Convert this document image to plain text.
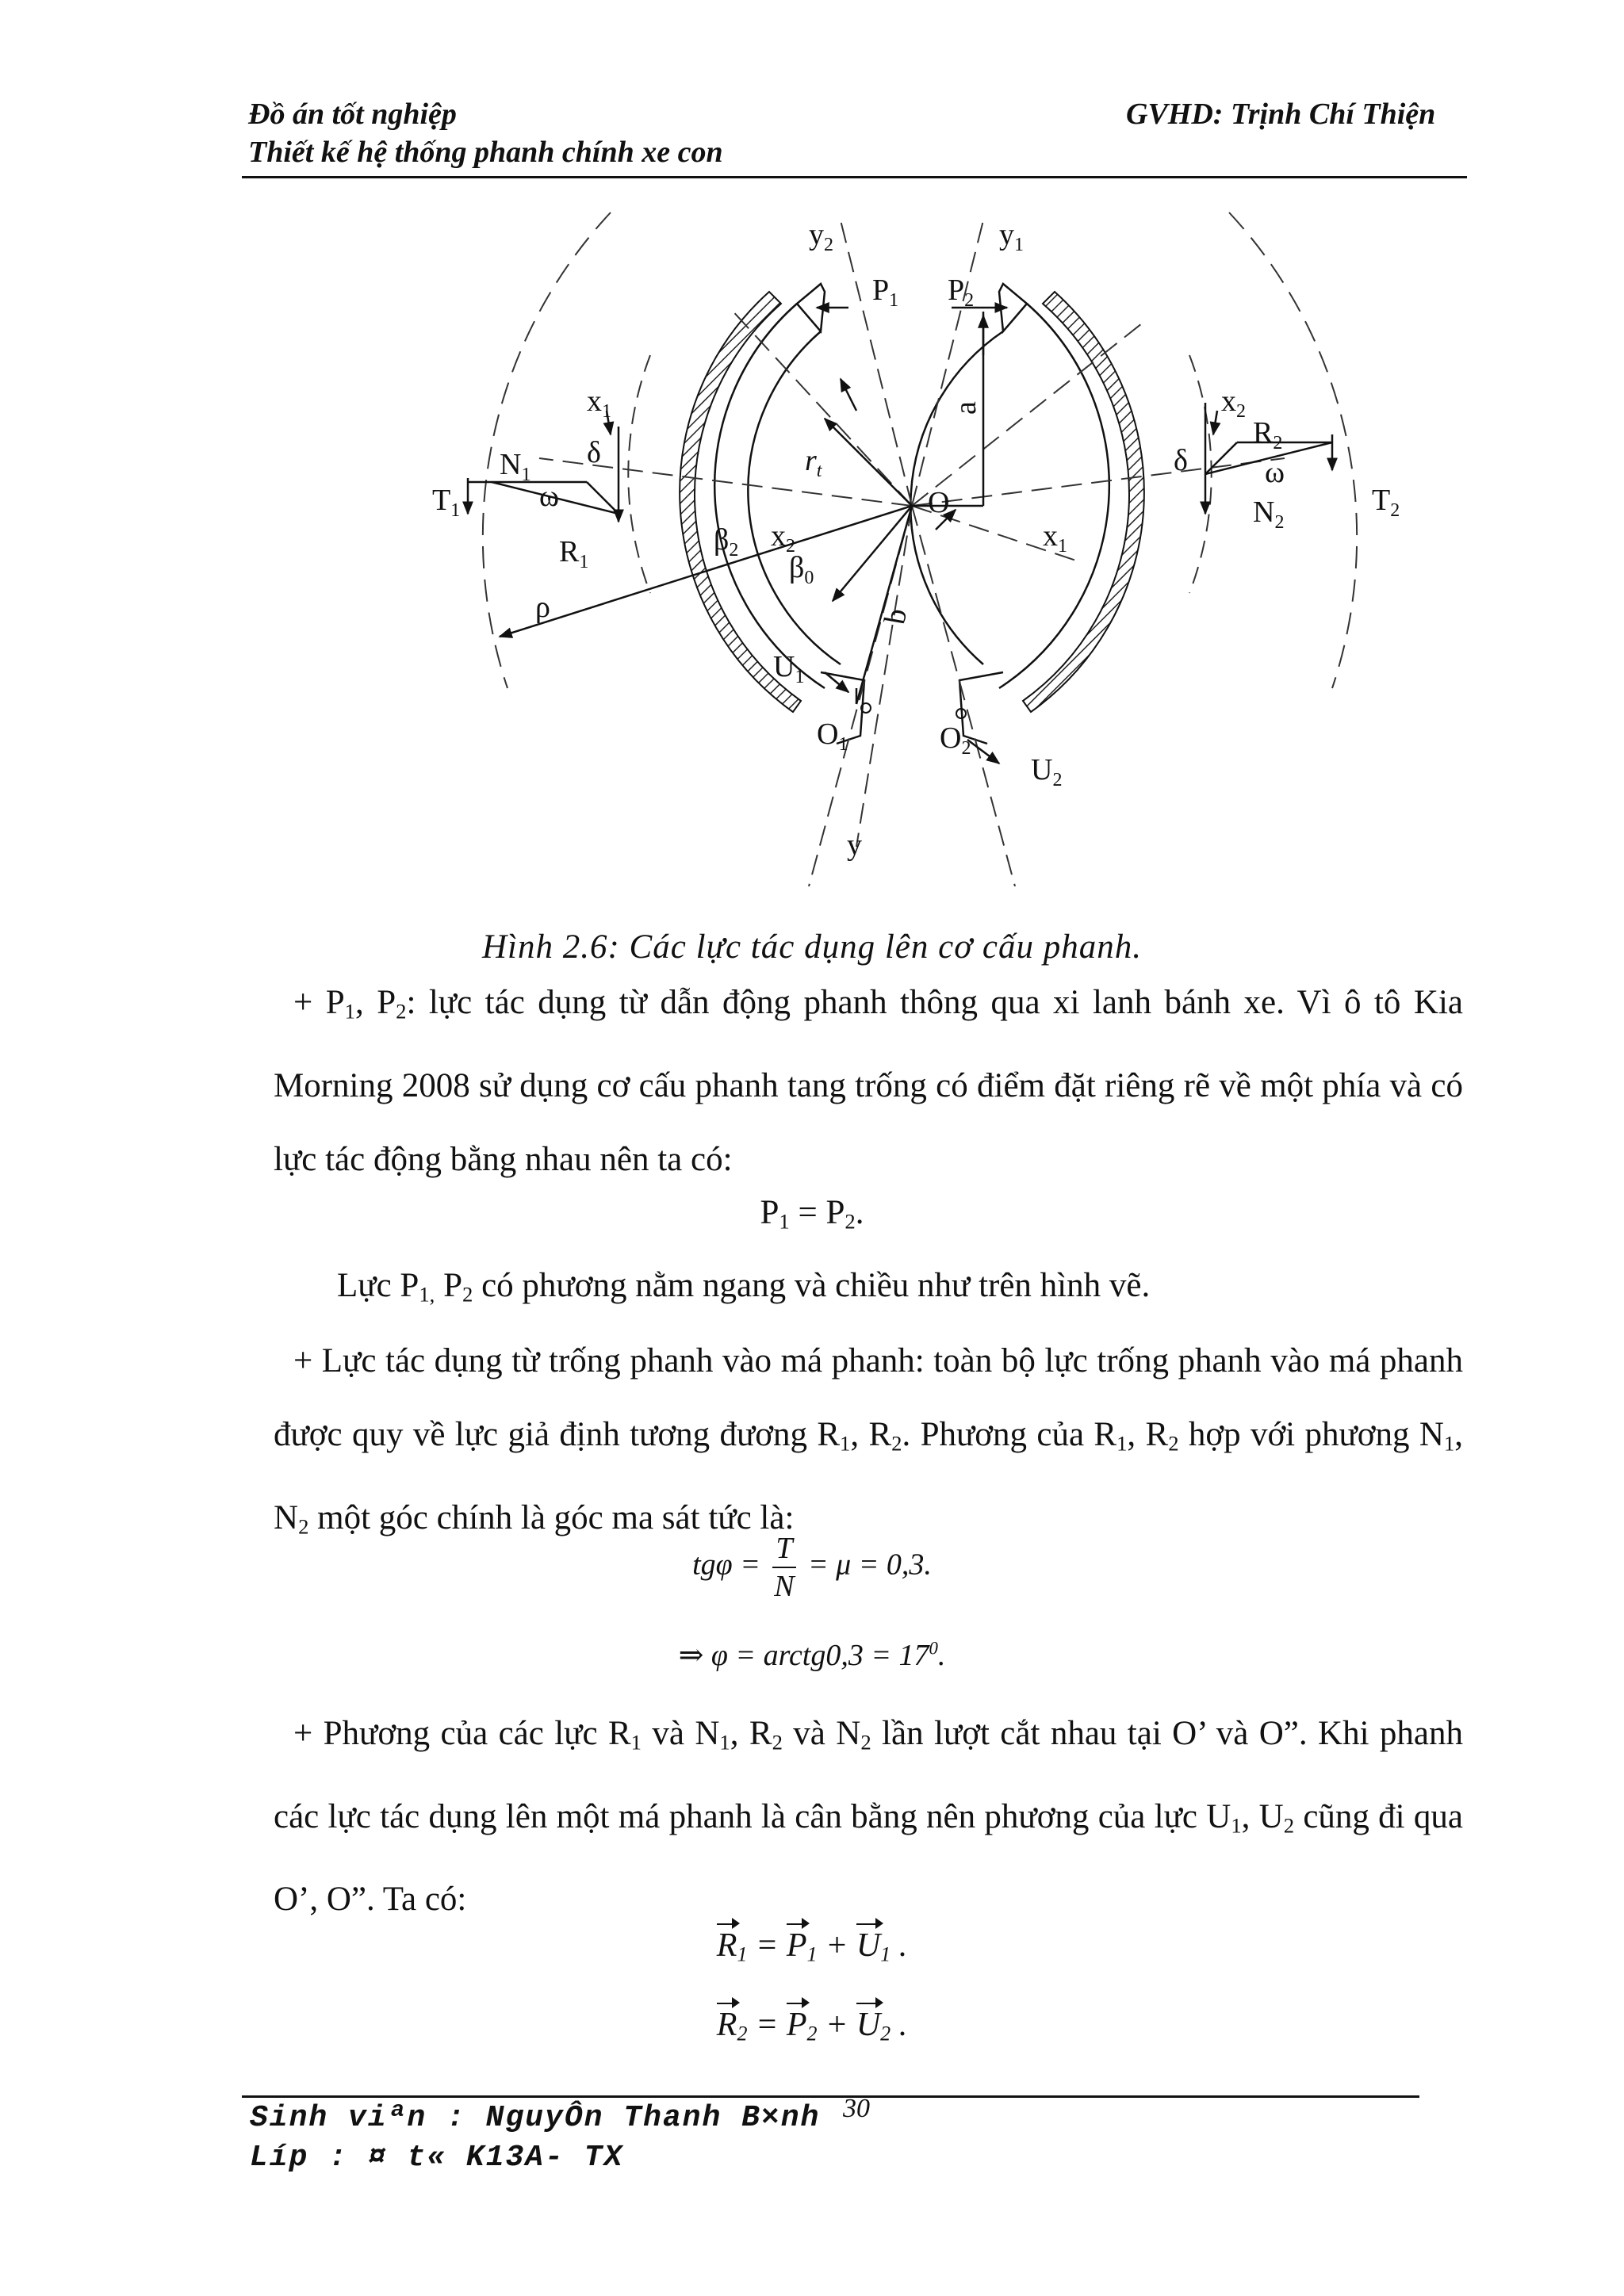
Đồ án tốt nghiệp
Thiết kế hệ thống phanh chính xe con
GVHD: Trịnh Chí Thiện
$y_2$	$y_1$
$P_1$ $P_2$
a
$x_1$	$x_2$
δ	δ
$N_1$
$N_2$
$R_1$
$R_2$
$T_1$	$T_2$
ω
ω
$r_t$
O
$\beta_2$ $x_2$	$x_1$
$\beta_0$
ρ	b
$U_1$
$U_2$
$O_1$	$O_2$
y
Hình 2.6: Các lực tác dụng lên cơ cấu phanh.
+ $P_1$, $P_2$: lực tác dụng từ dẫn động phanh thông qua xi lanh bánh xe. Vì ô tô Kia Morning 2008 sử dụng cơ cấu phanh tang trống có điểm đặt riêng rẽ về một phía và có lực tác động bằng nhau nên ta có:
$P_1 = P_2$.
Lực $P_{1,}$ $P_2$ có phương nằm ngang và chiều như trên hình vẽ.
+ Lực tác dụng từ trống phanh vào má phanh: toàn bộ lực trống phanh vào má phanh được quy về lực giả định tương đương $R_1$, $R_2$. Phương của $R_1$, $R_2$ hợp với phương $N_1$, $N_2$ một góc chính là góc ma sát tức là:
$tg\varphi = \frac{T}{N} = \mu = 0,3$.
⇒ φ = arctg0,3 = $17^0$.
+ Phương của các lực $R_1$ và $N_1$, $R_2$ và $N_2$ lần lượt cắt nhau tại O’ và O”. Khi phanh các lực tác dụng lên một má phanh là cân bằng nên phương của lực $U_1$, $U_2$ cũng đi qua O’, O”. Ta có:
$R_1 = P_1 + U_1$ .
$R_2 = P_2 + U_2$ .
Sinh viªn : NguyÔn Thanh B×nh
Líp : ¤ t« K13A- TX
30
